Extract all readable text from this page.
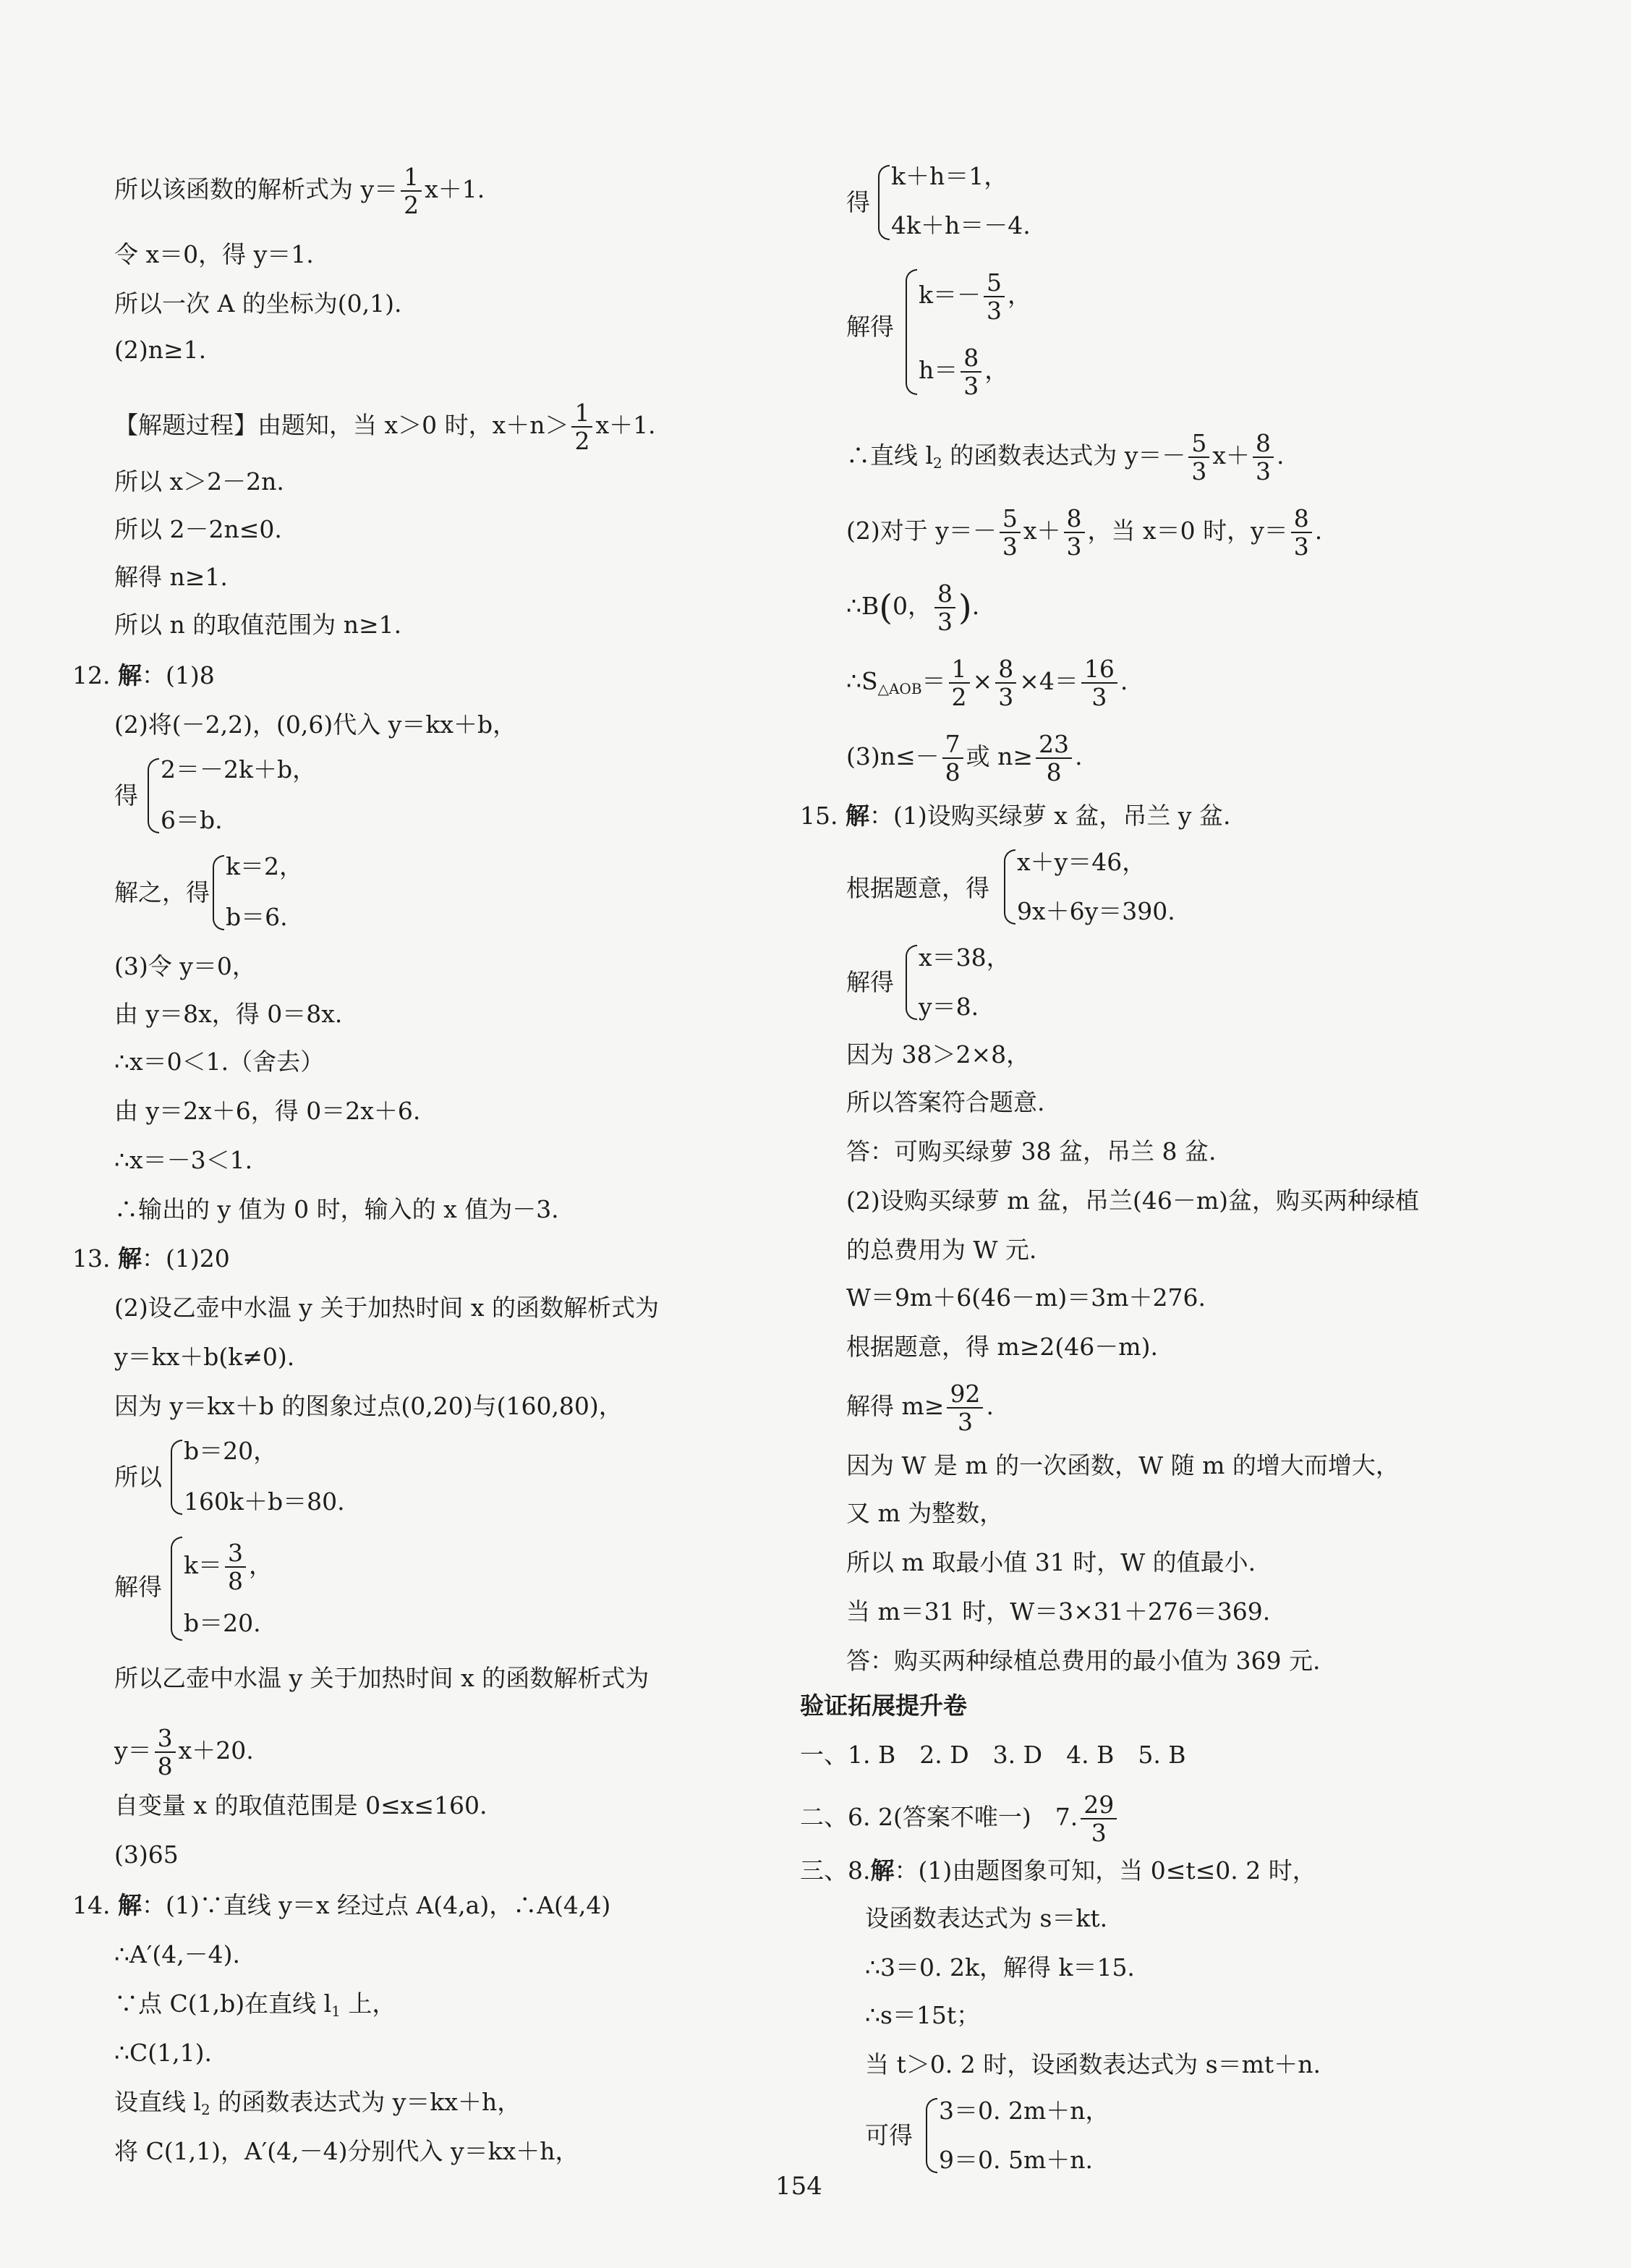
所以该函数的解析式为 $y= \frac{1}{2} x+1$.
令 x＝0，得 y＝1.
所以一次 A 的坐标为(0,1).
(2)n≥1.
【解题过程】由题知，当 x＞0 时，$x+n> \frac{1}{2} x+1$.
所以 x＞2－2n.
所以 2－2n≤0.
解得 n≥1.
所以 n 的取值范围为 n≥1.
12. 解：(1)8
(2)将(－2,2)，(0,6)代入 y＝kx＋b，
得
2＝－2k＋b，
6＝b.
解之，得
k＝2，
b＝6.
(3)令 y＝0，
由 y＝8x，得 0＝8x.
∴x＝0＜1.（舍去）
由 y＝2x＋6，得 0＝2x＋6.
∴x＝－3＜1.
∴输出的 y 值为 0 时，输入的 x 值为－3.
13. 解：(1)20
(2)设乙壶中水温 y 关于加热时间 x 的函数解析式为
y＝kx＋b(k≠0).
因为 y＝kx＋b 的图象过点(0,20)与(160,80)，
所以
b＝20，
160k＋b＝80.
解得
$k= \frac{3}{8}$ ，
b＝20.
所以乙壶中水温 y 关于加热时间 x 的函数解析式为
$y= \frac{3}{8} x+20$.
自变量 x 的取值范围是 0≤x≤160.
(3)65
14. 解：(1)∵直线 y＝x 经过点 A(4,a)，∴A(4,4)
∴A′(4,－4).
∵点 C(1,b)在直线 $l_1$ 上，
∴C(1,1).
设直线 $l_2$ 的函数表达式为 y＝kx＋h，
将 C(1,1)，A′(4,－4)分别代入 y＝kx＋h，
得
k＋h＝1，
4k＋h＝－4.
解得
$k=- \frac{5}{3}$ ，
$h= \frac{8}{3}$ ，
∴直线 $l_2$ 的函数表达式为 $y=- \frac{5}{3} x+ \frac{8}{3}$ .
(2)对于 $y=- \frac{5}{3} x+ \frac{8}{3}$ ，当 x＝0 时，$y= \frac{8}{3}$ .
∴B(0， $\frac{8}{3}$ ).
$\therefore S_{\triangle AOB}= \frac{1}{2} \times \frac{8}{3} \times 4= \frac{16}{3}$ .
$(3)n\le- \frac{7}{8}$ 或 $n\ge \frac{23}{8}$ .
15. 解：(1)设购买绿萝 x 盆，吊兰 y 盆.
根据题意，得
x＋y＝46，
9x＋6y＝390.
解得
x＝38，
y＝8.
因为 38＞2×8，
所以答案符合题意.
答：可购买绿萝 38 盆，吊兰 8 盆.
(2)设购买绿萝 m 盆，吊兰(46－m)盆，购买两种绿植
的总费用为 W 元.
W＝9m＋6(46－m)＝3m＋276.
根据题意，得 m≥2(46－m).
解得 $m\ge \frac{92}{3}$ .
因为 W 是 m 的一次函数，W 随 m 的增大而增大，
又 m 为整数，
所以 m 取最小值 31 时，W 的值最小.
当 m＝31 时，W＝3×31＋276＝369.
答：购买两种绿植总费用的最小值为 369 元.
验证拓展提升卷
一、1. B　2. D　3. D　4. B　5. B
二、6. 2(答案不唯一)　7. $\frac{29}{3}$
三、8.解：(1)由题图象可知，当 0≤t≤0. 2 时，
设函数表达式为 s＝kt.
∴3＝0. 2k，解得 k＝15.
∴s＝15t；
当 t＞0. 2 时，设函数表达式为 s＝mt＋n.
可得
3＝0. 2m＋n，
9＝0. 5m＋n.
154
